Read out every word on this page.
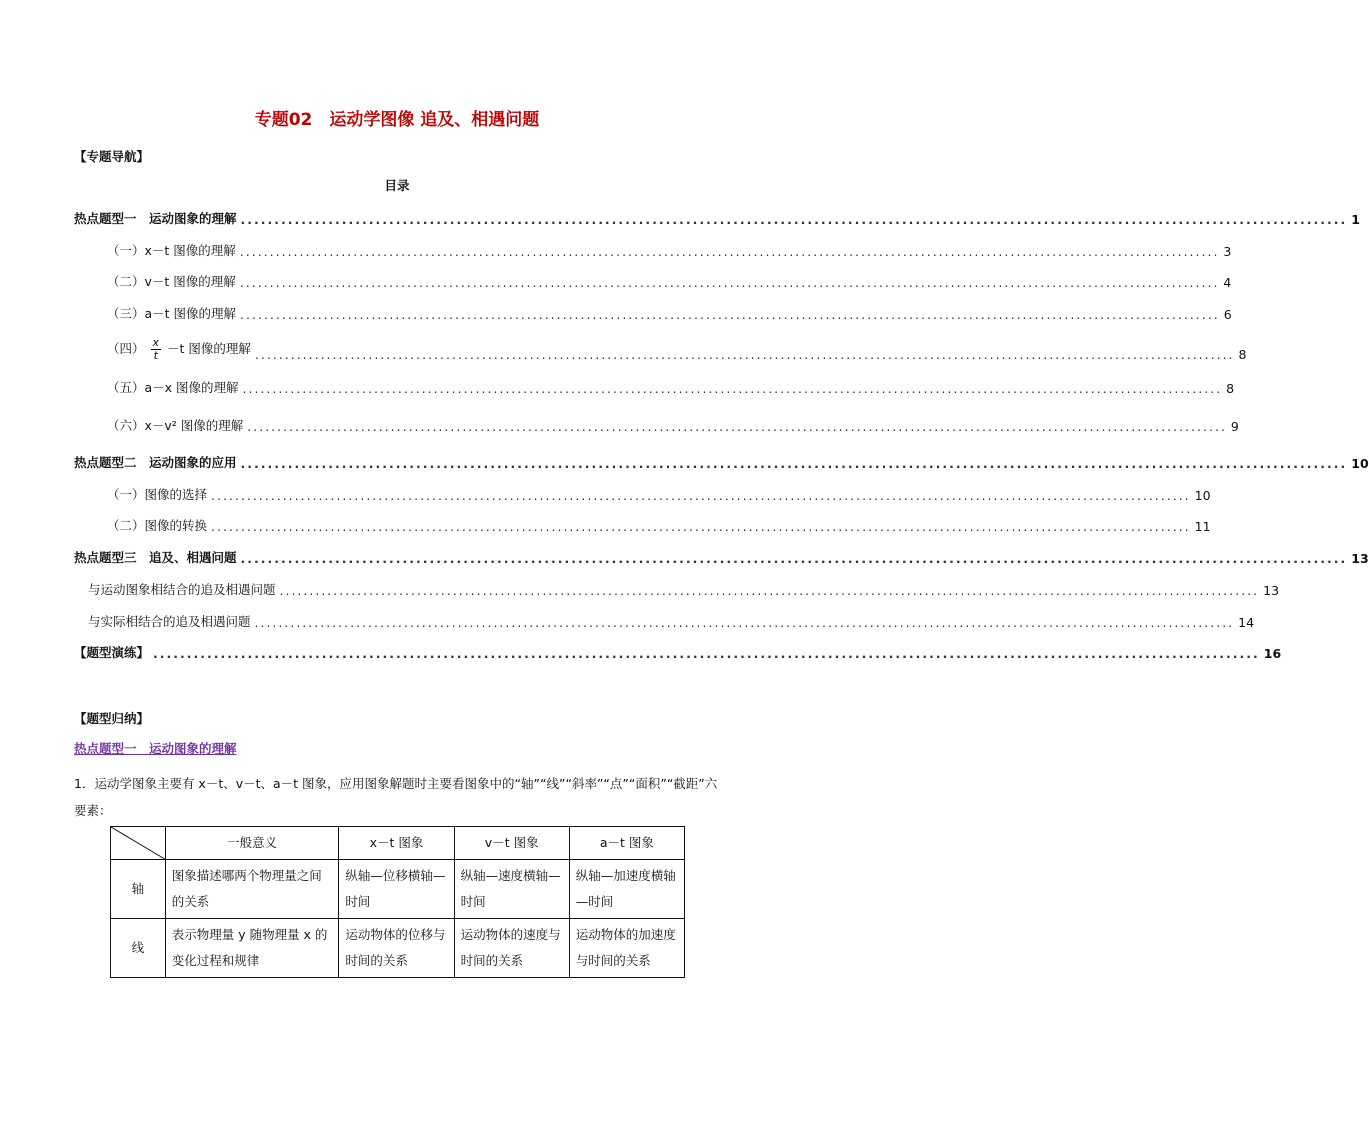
专题02　运动学图像 追及、相遇问题
【专题导航】
目录
热点题型一　运动图象的理解 .................................................................................................................................................................... 1
（一）x－t 图像的理解 .................................................................................................................................................................... 3
（二）v－t 图像的理解 .................................................................................................................................................................... 4
（三）a－t 图像的理解 .................................................................................................................................................................... 6
（四） $\frac{x}{t} -t$ 图像的理解 .................................................................................................................................................................... 8
（五）a－x 图像的理解 .................................................................................................................................................................... 8
（六）x－v² 图像的理解 .................................................................................................................................................................... 9
热点题型二　运动图象的应用 .................................................................................................................................................................... 10
（一）图像的选择 .................................................................................................................................................................... 10
（二）图像的转换 .................................................................................................................................................................... 11
热点题型三　追及、相遇问题 .................................................................................................................................................................... 13
与运动图象相结合的追及相遇问题 .................................................................................................................................................................... 13
与实际相结合的追及相遇问题 .................................................................................................................................................................... 14
【题型演练】 .................................................................................................................................................................... 16
【题型归纳】
热点题型一　运动图象的理解
1．运动学图象主要有 x－t、v－t、a－t 图象，应用图象解题时主要看图象中的“轴”“线”“斜率”“点”“面积”“截距”六要素：
	一般意义	x－t 图象	v－t 图象	a－t 图象
轴	图象描述哪两个物理量之间的关系	纵轴—位移横轴—时间	纵轴—速度横轴—时间	纵轴—加速度横轴—时间
线	表示物理量 y 随物理量 x 的变化过程和规律	运动物体的位移与时间的关系	运动物体的速度与时间的关系	运动物体的加速度与时间的关系
